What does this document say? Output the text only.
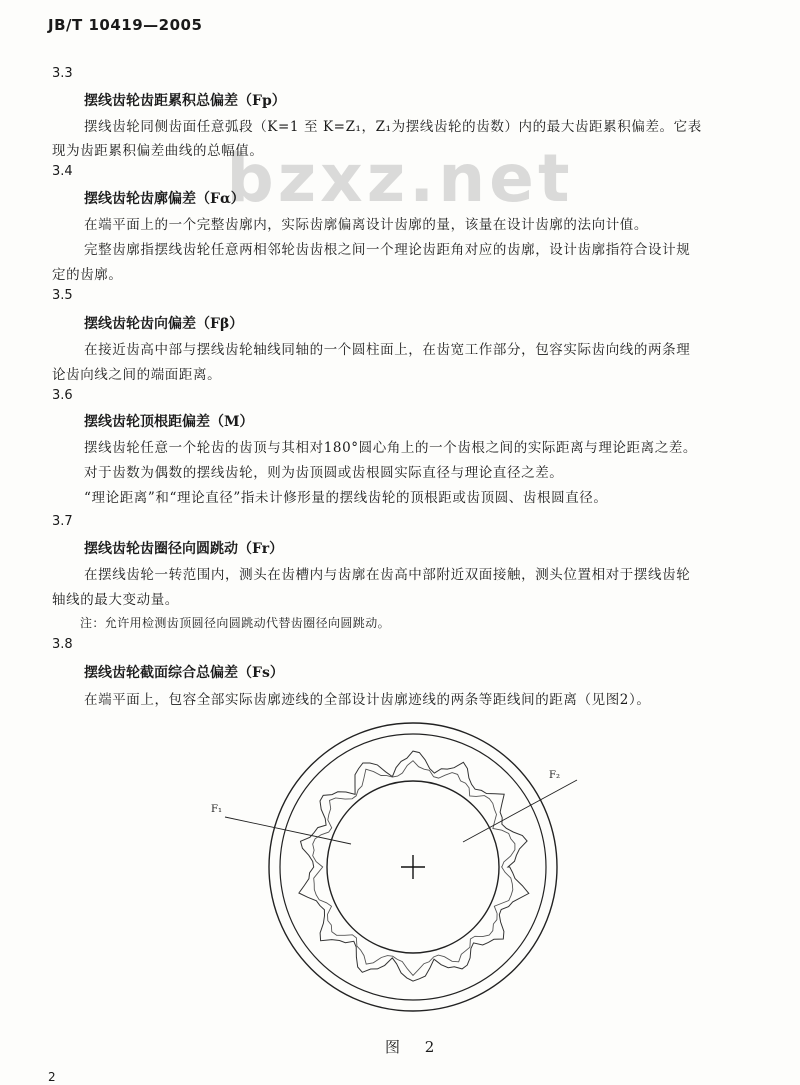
JB/T 10419—2005
bzxz.net
3.3
摆线齿轮齿距累积总偏差（Fp）
摆线齿轮同侧齿面任意弧段（K=1 至 K=Z₁，Z₁为摆线齿轮的齿数）内的最大齿距累积偏差。它表
现为齿距累积偏差曲线的总幅值。
3.4
摆线齿轮齿廓偏差（Fα）
在端平面上的一个完整齿廓内，实际齿廓偏离设计齿廓的量，该量在设计齿廓的法向计值。
完整齿廓指摆线齿轮任意两相邻轮齿齿根之间一个理论齿距角对应的齿廓，设计齿廓指符合设计规
定的齿廓。
3.5
摆线齿轮齿向偏差（Fβ）
在接近齿高中部与摆线齿轮轴线同轴的一个圆柱面上，在齿宽工作部分，包容实际齿向线的两条理
论齿向线之间的端面距离。
3.6
摆线齿轮顶根距偏差（M）
摆线齿轮任意一个轮齿的齿顶与其相对180°圆心角上的一个齿根之间的实际距离与理论距离之差。
对于齿数为偶数的摆线齿轮，则为齿顶圆或齿根圆实际直径与理论直径之差。
“理论距离”和“理论直径”指未计修形量的摆线齿轮的顶根距或齿顶圆、齿根圆直径。
3.7
摆线齿轮齿圈径向圆跳动（Fr）
在摆线齿轮一转范围内，测头在齿槽内与齿廓在齿高中部附近双面接触，测头位置相对于摆线齿轮
轴线的最大变动量。
注：允许用检测齿顶圆径向圆跳动代替齿圈径向圆跳动。
3.8
摆线齿轮截面综合总偏差（Fs）
在端平面上，包容全部实际齿廓迹线的全部设计齿廓迹线的两条等距线间的距离（见图2）。
F₁
F₂
图 2
2
